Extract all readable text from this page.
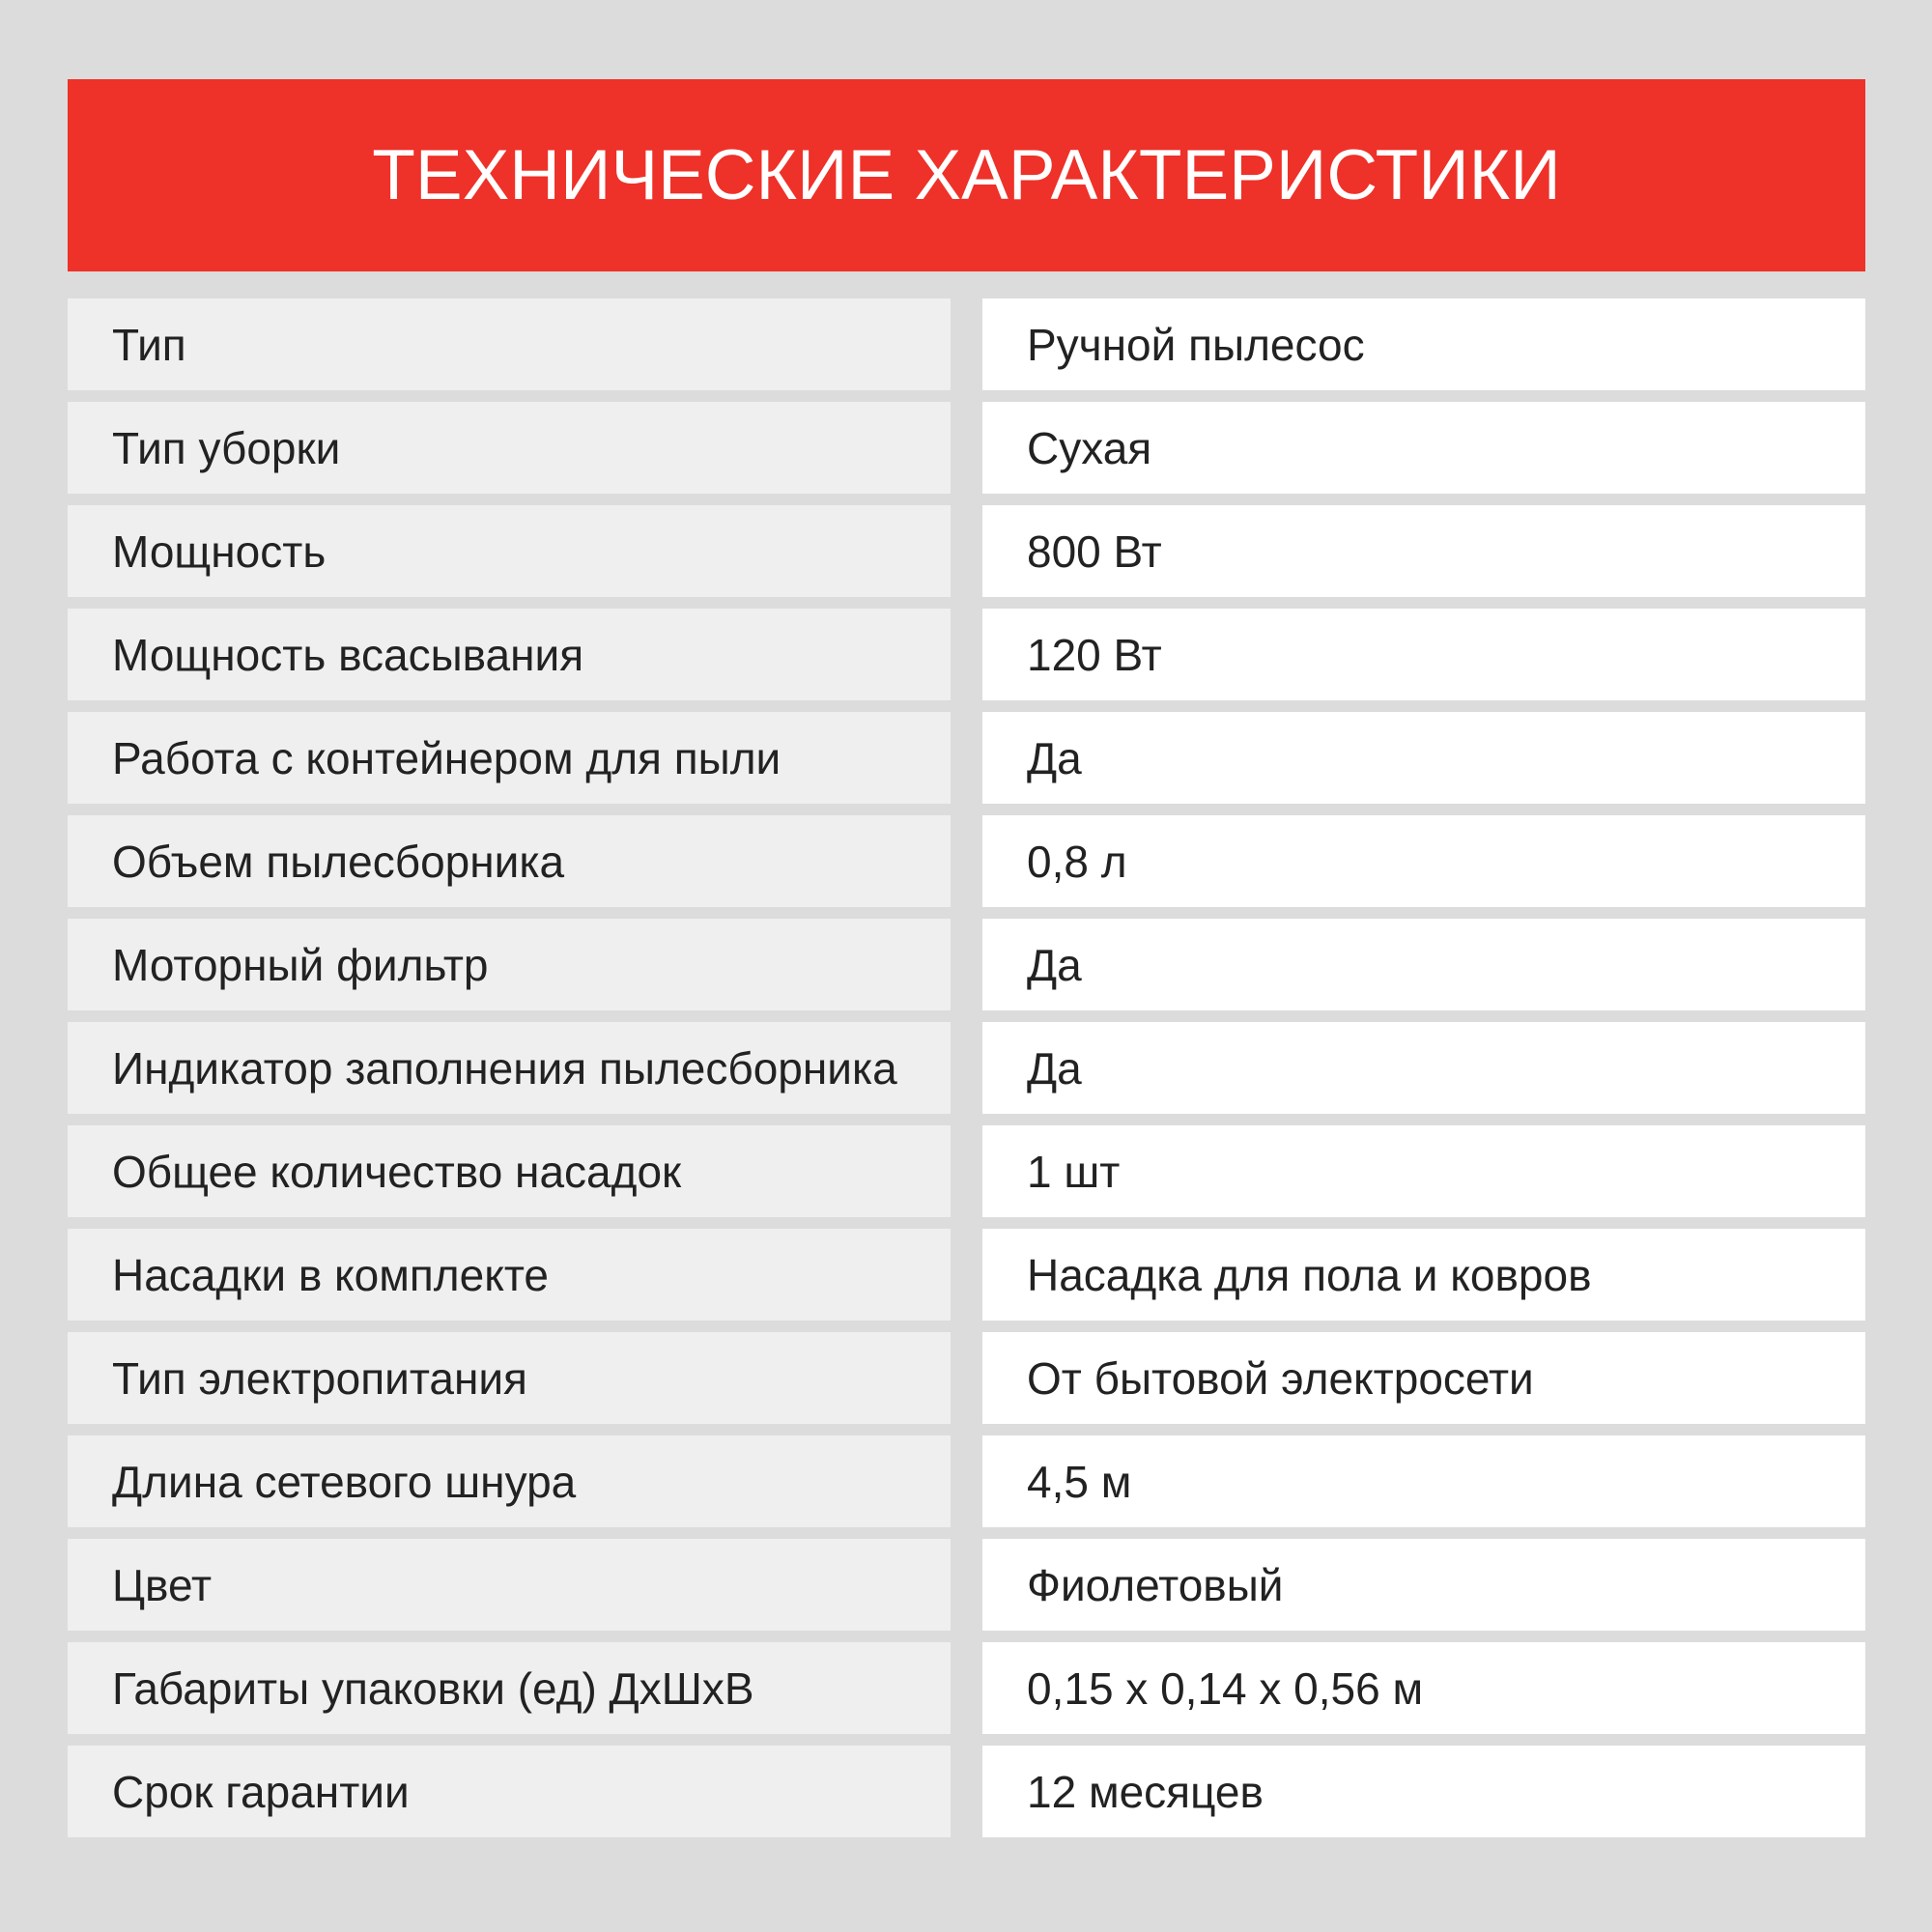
ТЕХНИЧЕСКИЕ ХАРАКТЕРИСТИКИ
Тип	Ручной пылесос
Тип уборки	Сухая
Мощность	800 Вт
Мощность всасывания	120 Вт
Работа с контейнером для пыли	Да
Объем пылесборника	0,8 л
Моторный фильтр	Да
Индикатор заполнения пылесборника	Да
Общее количество насадок	1 шт
Насадки в комплекте	Насадка для пола и ковров
Тип электропитания	От бытовой электросети
Длина сетевого шнура	4,5 м
Цвет	Фиолетовый
Габариты упаковки (ед) ДхШхВ	0,15 x 0,14 x 0,56 м
Срок гарантии	12 месяцев
